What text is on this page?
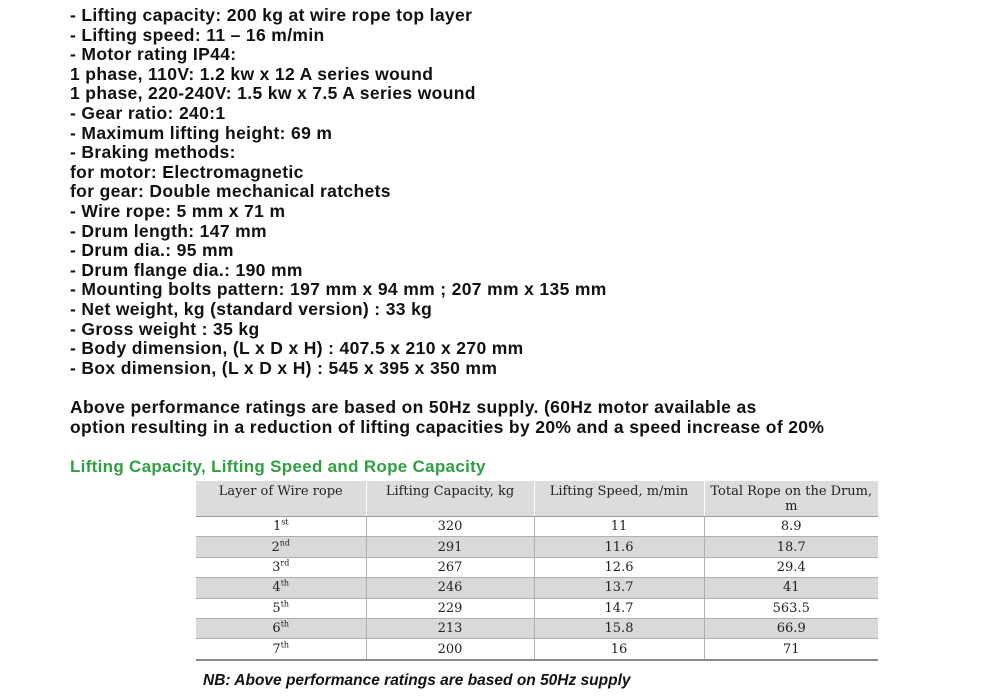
- Lifting capacity: 200 kg at wire rope top layer
- Lifting speed: 11 – 16 m/min
- Motor rating IP44:
1 phase, 110V: 1.2 kw x 12 A series wound
1 phase, 220-240V: 1.5 kw x 7.5 A series wound
- Gear ratio: 240:1
- Maximum lifting height: 69 m
- Braking methods:
for motor: Electromagnetic
for gear: Double mechanical ratchets
- Wire rope: 5 mm x 71 m
- Drum length: 147 mm
- Drum dia.: 95 mm
- Drum flange dia.: 190 mm
- Mounting bolts pattern: 197 mm x 94 mm ; 207 mm x 135 mm
- Net weight, kg (standard version) : 33 kg
- Gross weight : 35 kg
- Body dimension, (L x D x H) : 407.5 x 210 x 270 mm
- Box dimension, (L x D x H) : 545 x 395 x 350 mm
Above performance ratings are based on 50Hz supply. (60Hz motor available as
option resulting in a reduction of lifting capacities by 20% and a speed increase of 20%
Lifting Capacity, Lifting Speed and Rope Capacity
Layer of Wire rope	Lifting Capacity, kg	Lifting Speed, m/min	Total Rope on the Drum, m
1st	320	11	8.9
2nd	291	11.6	18.7
3rd	267	12.6	29.4
4th	246	13.7	41
5th	229	14.7	563.5
6th	213	15.8	66.9
7th	200	16	71
NB: Above performance ratings are based on 50Hz supply
